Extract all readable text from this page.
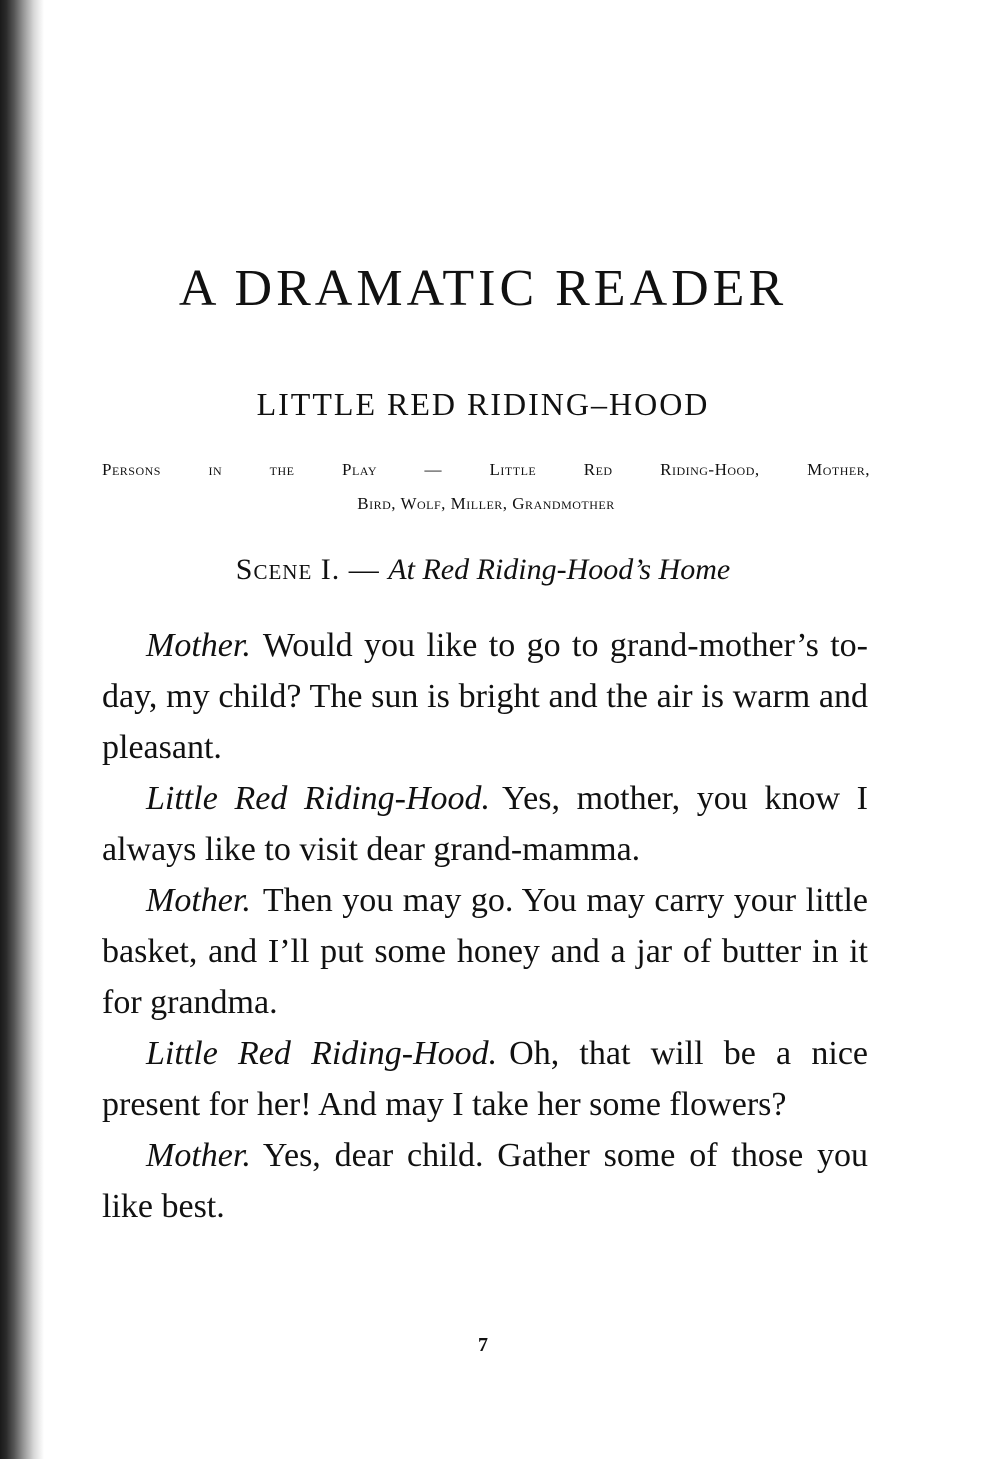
A DRAMATIC READER
LITTLE RED RIDING–HOOD
Persons in the Play — Little Red Riding-Hood, Mother,
Bird, Wolf, Miller, Grandmother
Scene I. — At Red Riding-Hood’s Home

Mother. Would you like to go to grand-mother’s to-day, my child? The sun is bright and the air is warm and pleasant.

Little Red Riding-Hood. Yes, mother, you know I always like to visit dear grand-mamma.

Mother. Then you may go. You may carry your little basket, and I’ll put some honey and a jar of butter in it for grandma.

Little Red Riding-Hood. Oh, that will be a nice present for her! And may I take her some flowers?

Mother. Yes, dear child. Gather some of those you like best.

7
